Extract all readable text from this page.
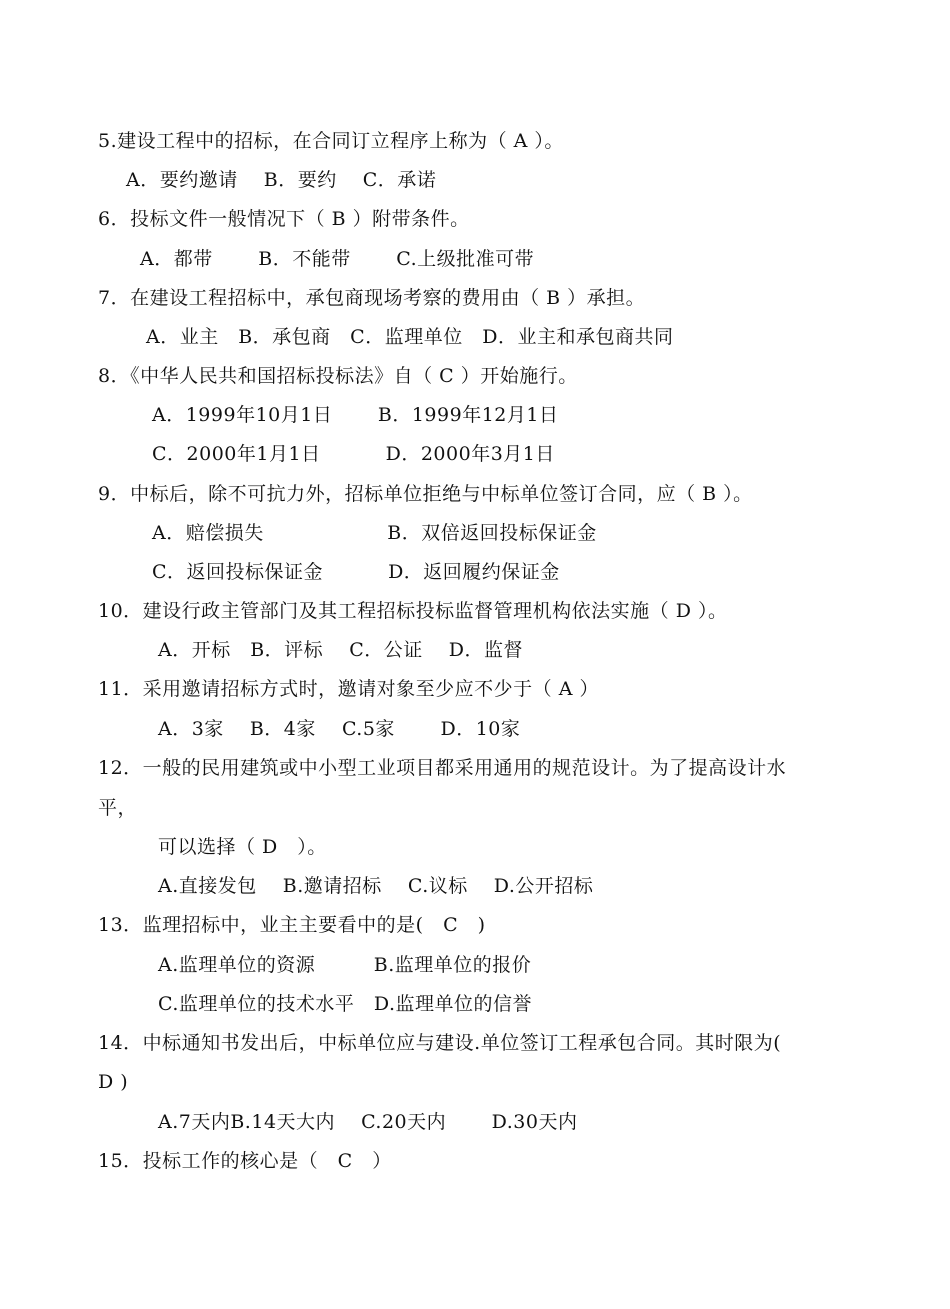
5.建设工程中的招标，在合同订立程序上称为（ A ）。
A．要约邀请　 B．要约　 C．承诺
6．投标文件一般情况下（ B ）附带条件。
A．都带　　 B．不能带　　 C.上级批准可带
7．在建设工程招标中，承包商现场考察的费用由（ B ）承担。
A．业主　B．承包商　C．监理单位　D．业主和承包商共同
8．《中华人民共和国招标投标法》自（ C ）开始施行。
A．1999年10月1日　　 B．1999年12月1日
C．2000年1月1日　　　 D．2000年3月1日
9．中标后，除不可抗力外，招标单位拒绝与中标单位签订合同，应（ B ）。
A．赔偿损失　　　　　　 B．双倍返回投标保证金
C．返回投标保证金　　　 D．返回履约保证金
10．建设行政主管部门及其工程招标投标监督管理机构依法实施（ D ）。
A．开标　B．评标　 C．公证　 D．监督
11．采用邀请招标方式时，邀请对象至少应不少于（ A ）
A．3家　 B．4家　 C.5家　　 D．10家
12．一般的民用建筑或中小型工业项目都采用通用的规范设计。为了提高设计水
平，
可以选择（ D　）。
A.直接发包　 B.邀请招标　 C.议标　 D.公开招标
13．监理招标中，业主主要看中的是(　C　)
A.监理单位的资源　　　B.监理单位的报价
C.监理单位的技术水平　D.监理单位的信誉
14．中标通知书发出后，中标单位应与建设.单位签订工程承包合同。其时限为(
D )
A.7天内B.14天大内　 C.20天内　　 D.30天内
15．投标工作的核心是（　C　）
